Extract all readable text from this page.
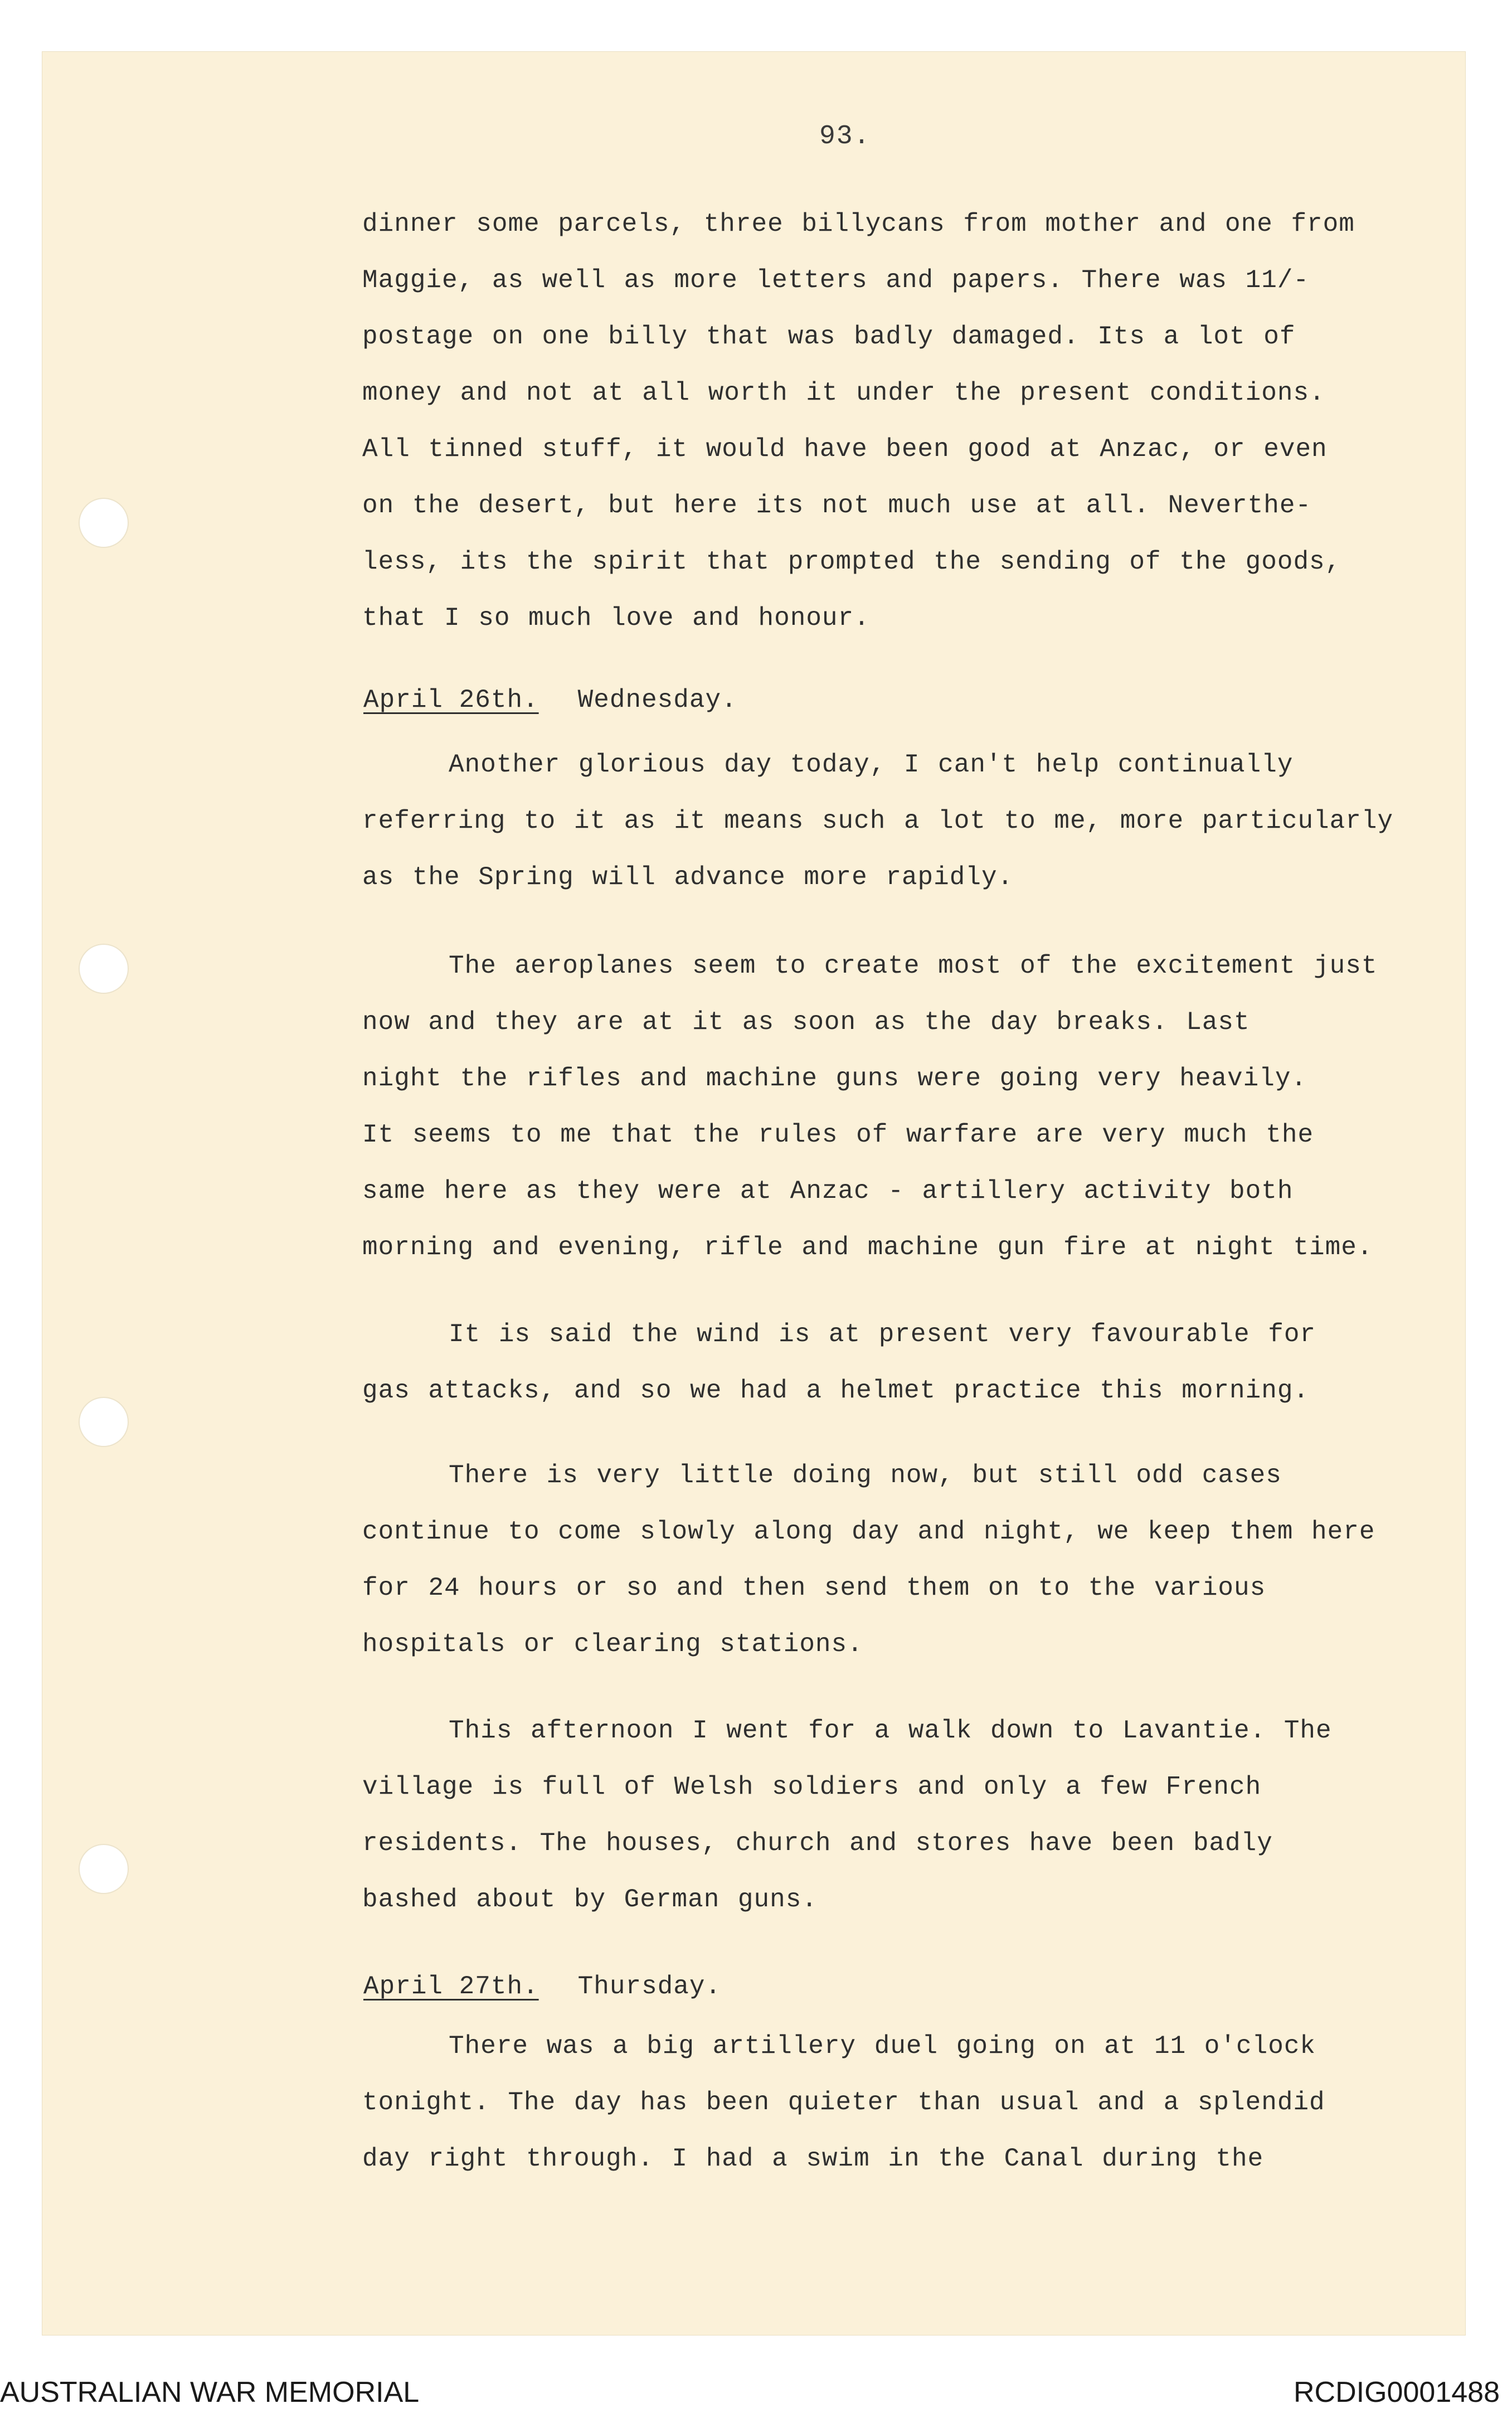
93.
dinner some parcels, three billycans from mother and one from
Maggie, as well as more letters and papers. There was 11/-
postage on one billy that was badly damaged. Its a lot of
money and not at all worth it under the present conditions.
All tinned stuff, it would have been good at Anzac, or even
on the desert, but here its not much use at all. Neverthe-
less, its the spirit that prompted the sending of the goods,
that I so much love and honour.
April 26th. Wednesday.
Another glorious day today, I can't help continually
referring to it as it means such a lot to me, more particularly
as the Spring will advance more rapidly.
The aeroplanes seem to create most of the excitement just
now and they are at it as soon as the day breaks. Last
night the rifles and machine guns were going very heavily.
It seems to me that the rules of warfare are very much the
same here as they were at Anzac - artillery activity both
morning and evening, rifle and machine gun fire at night time.
It is said the wind is at present very favourable for
gas attacks, and so we had a helmet practice this morning.
There is very little doing now, but still odd cases
continue to come slowly along day and night, we keep them here
for 24 hours or so and then send them on to the various
hospitals or clearing stations.
This afternoon I went for a walk down to Lavantie. The
village is full of Welsh soldiers and only a few French
residents. The houses, church and stores have been badly
bashed about by German guns.
April 27th. Thursday.
There was a big artillery duel going on at 11 o'clock
tonight. The day has been quieter than usual and a splendid
day right through. I had a swim in the Canal during the
AUSTRALIAN WAR MEMORIAL	RCDIG0001488
